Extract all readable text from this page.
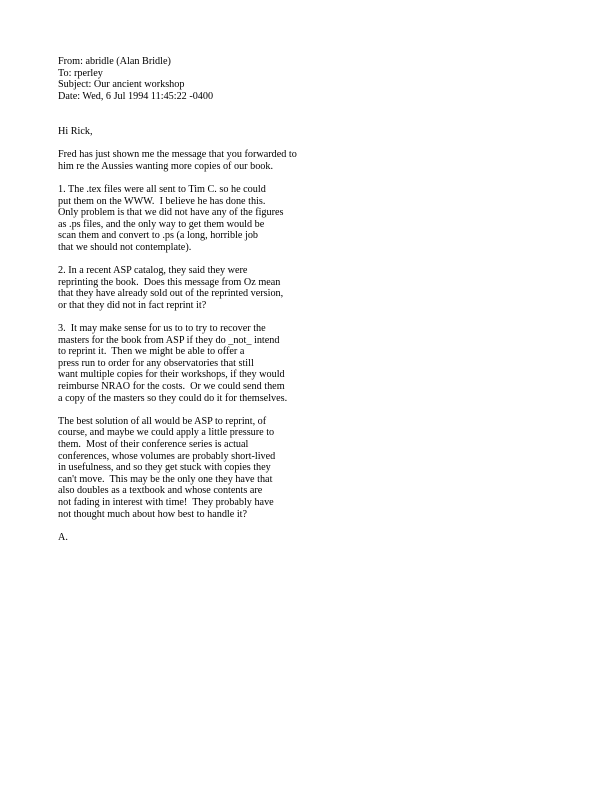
From: abridle (Alan Bridle)
To: rperley
Subject: Our ancient workshop
Date: Wed, 6 Jul 1994 11:45:22 -0400
Hi Rick,
Fred has just shown me the message that you forwarded to
him re the Aussies wanting more copies of our book.
1. The .tex files were all sent to Tim C. so he could
put them on the WWW.  I believe he has done this.
Only problem is that we did not have any of the figures
as .ps files, and the only way to get them would be
scan them and convert to .ps (a long, horrible job
that we should not contemplate).
2. In a recent ASP catalog, they said they were
reprinting the book.  Does this message from Oz mean
that they have already sold out of the reprinted version,
or that they did not in fact reprint it?
3.  It may make sense for us to to try to recover the
masters for the book from ASP if they do _not_ intend
to reprint it.  Then we might be able to offer a
press run to order for any observatories that still
want multiple copies for their workshops, if they would
reimburse NRAO for the costs.  Or we could send them
a copy of the masters so they could do it for themselves.
The best solution of all would be ASP to reprint, of
course, and maybe we could apply a little pressure to
them.  Most of their conference series is actual
conferences, whose volumes are probably short-lived
in usefulness, and so they get stuck with copies they
can't move.  This may be the only one they have that
also doubles as a textbook and whose contents are
not fading in interest with time!  They probably have
not thought much about how best to handle it?
A.
